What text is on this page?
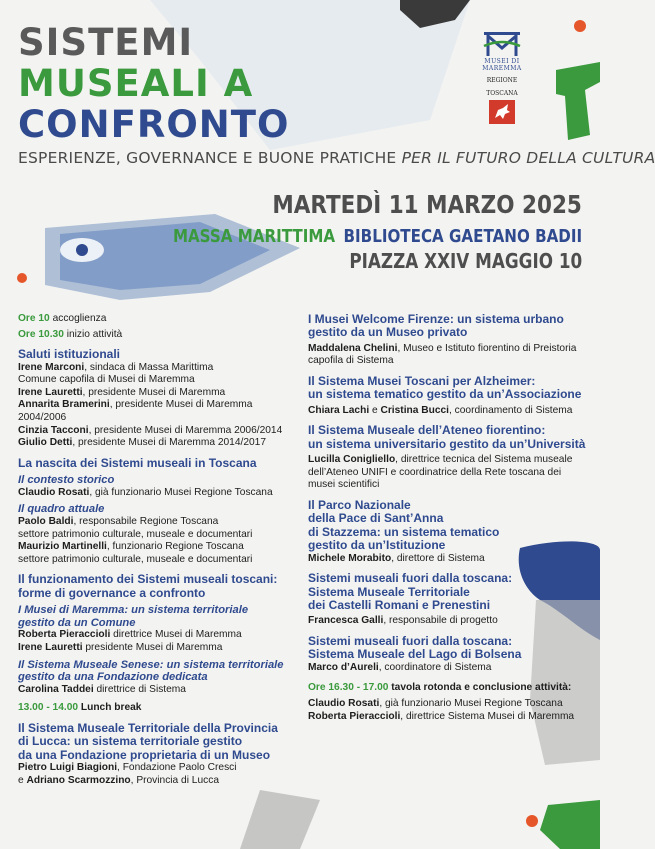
SISTEMI
MUSEALI A
CONFRONTO
ESPERIENZE, GOVERNANCE E BUONE PRATICHE PER IL FUTURO DELLA CULTURA
MARTEDÌ 11 MARZO 2025
MASSA MARITTIMA BIBLIOTECA GAETANO BADII
PIAZZA XXIV MAGGIO 10
MUSEI DI
MAREMMA
REGIONE
TOSCANA
Ore 10 accoglienza
Ore 10.30 inizio attività
Saluti istituzionali
Irene Marconi, sindaca di Massa Marittima
Comune capofila di Musei di Maremma
Irene Lauretti, presidente Musei di Maremma
Annarita Bramerini, presidente Musei di Maremma 2004/2006
Cinzia Tacconi, presidente Musei di Maremma 2006/2014
Giulio Detti, presidente Musei di Maremma 2014/2017
La nascita dei Sistemi museali in Toscana
Il contesto storico
Claudio Rosati, già funzionario Musei Regione Toscana
Il quadro attuale
Paolo Baldi, responsabile Regione Toscana
settore patrimonio culturale, museale e documentari
Maurizio Martinelli, funzionario Regione Toscana
settore patrimonio culturale, museale e documentari
Il funzionamento dei Sistemi museali toscani:
forme di governance a confronto
I Musei di Maremma: un sistema territoriale
gestito da un Comune
Roberta Pieraccioli direttrice Musei di Maremma
Irene Lauretti presidente Musei di Maremma
Il Sistema Museale Senese: un sistema territoriale
gestito da una Fondazione dedicata
Carolina Taddei direttrice di Sistema
13.00 - 14.00 Lunch break
Il Sistema Museale Territoriale della Provincia
di Lucca: un sistema territoriale gestito
da una Fondazione proprietaria di un Museo
Pietro Luigi Biagioni, Fondazione Paolo Cresci
e Adriano Scarmozzino, Provincia di Lucca
I Musei Welcome Firenze: un sistema urbano
gestito da un Museo privato
Maddalena Chelini, Museo e Istituto fiorentino di Preistoria
capofila di Sistema
Il Sistema Musei Toscani per Alzheimer:
un sistema tematico gestito da un’Associazione
Chiara Lachi e Cristina Bucci, coordinamento di Sistema
Il Sistema Museale dell’Ateneo fiorentino:
un sistema universitario gestito da un’Università
Lucilla Conigliello, direttrice tecnica del Sistema museale
dell’Ateneo UNIFI e coordinatrice della Rete toscana dei
musei scientifici
Il Parco Nazionale
della Pace di Sant’Anna
di Stazzema: un sistema tematico
gestito da un’Istituzione
Michele Morabito, direttore di Sistema
Sistemi museali fuori dalla toscana:
Sistema Museale Territoriale
dei Castelli Romani e Prenestini
Francesca Galli, responsabile di progetto
Sistemi museali fuori dalla toscana:
Sistema Museale del Lago di Bolsena
Marco d’Aureli, coordinatore di Sistema
Ore 16.30 - 17.00 tavola rotonda e conclusione attività:
Claudio Rosati, già funzionario Musei Regione Toscana
Roberta Pieraccioli, direttrice Sistema Musei di Maremma
